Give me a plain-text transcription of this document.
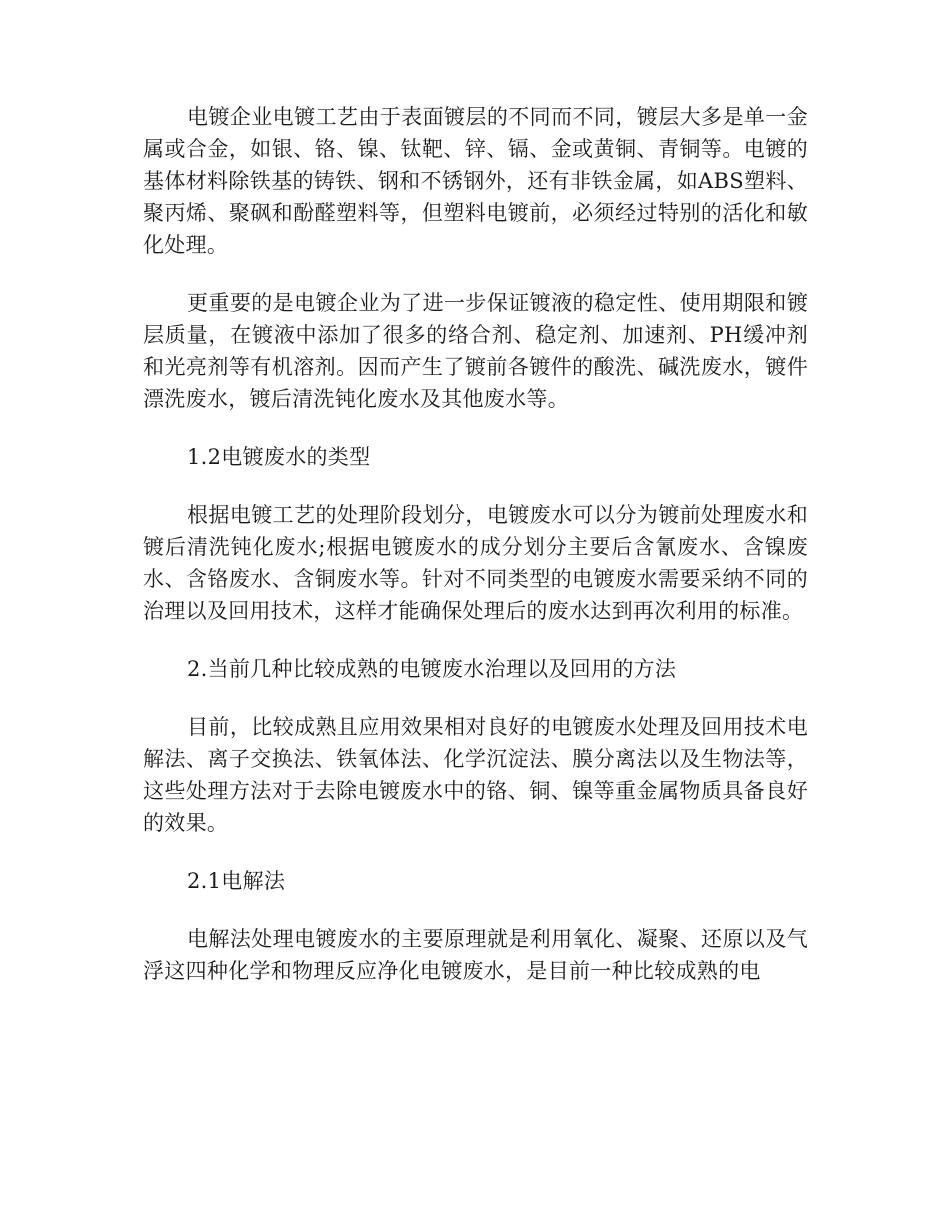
电镀企业电镀工艺由于表面镀层的不同而不同，镀层大多是单一金属或合金，如银、铬、镍、钛靶、锌、镉、金或黄铜、青铜等。电镀的基体材料除铁基的铸铁、钢和不锈钢外，还有非铁金属，如ABS塑料、聚丙烯、聚砜和酚醛塑料等，但塑料电镀前，必须经过特别的活化和敏化处理。

更重要的是电镀企业为了进一步保证镀液的稳定性、使用期限和镀层质量，在镀液中添加了很多的络合剂、稳定剂、加速剂、PH缓冲剂和光亮剂等有机溶剂。因而产生了镀前各镀件的酸洗、碱洗废水，镀件漂洗废水，镀后清洗钝化废水及其他废水等。

1.2电镀废水的类型

根据电镀工艺的处理阶段划分，电镀废水可以分为镀前处理废水和镀后清洗钝化废水;根据电镀废水的成分划分主要后含氰废水、含镍废水、含铬废水、含铜废水等。针对不同类型的电镀废水需要采纳不同的治理以及回用技术，这样才能确保处理后的废水达到再次利用的标准。

2.当前几种比较成熟的电镀废水治理以及回用的方法

目前，比较成熟且应用效果相对良好的电镀废水处理及回用技术电解法、离子交换法、铁氧体法、化学沉淀法、膜分离法以及生物法等，这些处理方法对于去除电镀废水中的铬、铜、镍等重金属物质具备良好的效果。

2.1电解法

电解法处理电镀废水的主要原理就是利用氧化、凝聚、还原以及气浮这四种化学和物理反应净化电镀废水，是目前一种比较成熟的电
